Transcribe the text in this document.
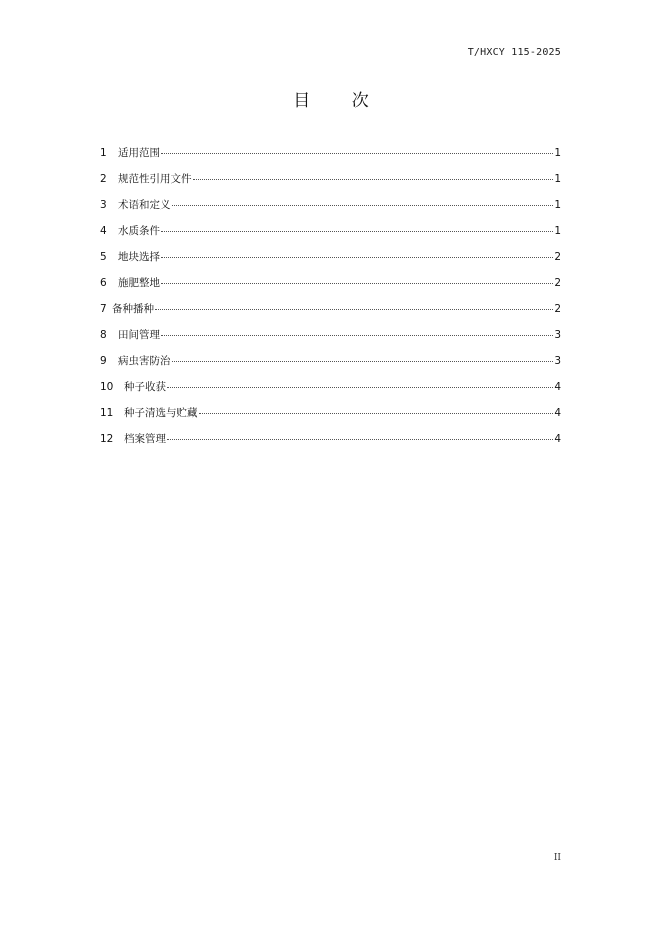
T/HXCY 115-2025
目 次
1	适用范围	1
2	规范性引用文件	1
3	术语和定义	1
4	水质条件	1
5	地块选择	2
6	施肥整地	2
7 备种播种	2
8	田间管理	3
9	病虫害防治	3
10	种子收获	4
11	种子清选与贮藏	4
12	档案管理	4
II
